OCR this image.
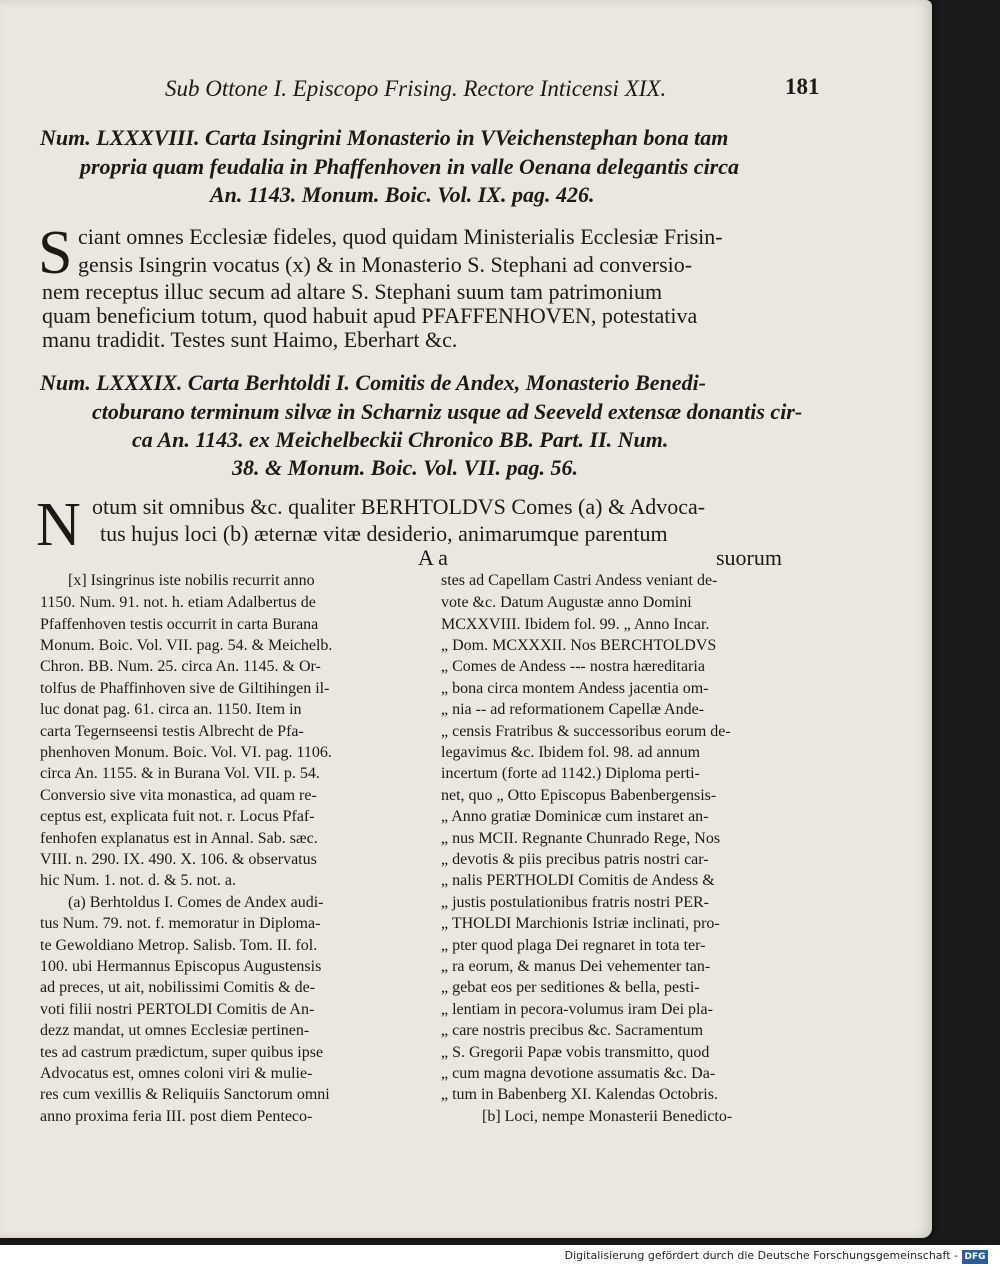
Sub Ottone I. Episcopo Frising. Rectore Inticensi XIX.	181
Num. LXXXVIII. Carta Isingrini Monasterio in VVeichenstephan bona tam
propria quam feudalia in Phaffenhoven in valle Oenana delegantis circa
An. 1143. Monum. Boic. Vol. IX. pag. 426.
S ciant omnes Ecclesiæ fideles, quod quidam Ministerialis Ecclesiæ Frisin-
gensis Isingrin vocatus (x) & in Monasterio S. Stephani ad conversio-
nem receptus illuc secum ad altare S. Stephani suum tam patrimonium
quam beneficium totum, quod habuit apud PFAFFENHOVEN, potestativa
manu tradidit. Testes sunt Haimo, Eberhart &c.
Num. LXXXIX. Carta Berhtoldi I. Comitis de Andex, Monasterio Benedi-
ctoburano terminum silvæ in Scharniz usque ad Seeveld extensæ donantis cir-
ca An. 1143. ex Meichelbeckii Chronico BB. Part. II. Num.
38. & Monum. Boic. Vol. VII. pag. 56.
N otum sit omnibus &c. qualiter BERHTOLDVS Comes (a) & Advoca-
tus hujus loci (b) æternæ vitæ desiderio, animarumque parentum
A a	suorum
[x] Isingrinus iste nobilis recurrit anno
1150. Num. 91. not. h. etiam Adalbertus de
Pfaffenhoven testis occurrit in carta Burana
Monum. Boic. Vol. VII. pag. 54. & Meichelb.
Chron. BB. Num. 25. circa An. 1145. & Or-
tolfus de Phaffinhoven sive de Giltihingen il-
luc donat pag. 61. circa an. 1150. Item in
carta Tegernseensi testis Albrecht de Pfa-
phenhoven Monum. Boic. Vol. VI. pag. 1106.
circa An. 1155. & in Burana Vol. VII. p. 54.
Conversio sive vita monastica, ad quam re-
ceptus est, explicata fuit not. r. Locus Pfaf-
fenhofen explanatus est in Annal. Sab. sæc.
VIII. n. 290. IX. 490. X. 106. & observatus
hic Num. 1. not. d. & 5. not. a.
(a) Berhtoldus I. Comes de Andex audi-
tus Num. 79. not. f. memoratur in Diploma-
te Gewoldiano Metrop. Salisb. Tom. II. fol.
100. ubi Hermannus Episcopus Augustensis
ad preces, ut ait, nobilissimi Comitis & de-
voti filii nostri PERTOLDI Comitis de An-
dezz mandat, ut omnes Ecclesiæ pertinen-
tes ad castrum prædictum, super quibus ipse
Advocatus est, omnes coloni viri & mulie-
res cum vexillis & Reliquiis Sanctorum omni
anno proxima feria III. post diem Penteco-
stes ad Capellam Castri Andess veniant de-
vote &c. Datum Augustæ anno Domini
MCXXVIII. Ibidem fol. 99. „ Anno Incar.
„ Dom. MCXXXII. Nos BERCHTOLDVS
„ Comes de Andess --- nostra hæreditaria
„ bona circa montem Andess jacentia om-
„ nia -- ad reformationem Capellæ Ande-
„ censis Fratribus & successoribus eorum de-
legavimus &c. Ibidem fol. 98. ad annum
incertum (forte ad 1142.) Diploma perti-
net, quo „ Otto Episcopus Babenbergensis-
„ Anno gratiæ Dominicæ cum instaret an-
„ nus MCII. Regnante Chunrado Rege, Nos
„ devotis & piis precibus patris nostri car-
„ nalis PERTHOLDI Comitis de Andess &
„ justis postulationibus fratris nostri PER-
„ THOLDI Marchionis Istriæ inclinati, pro-
„ pter quod plaga Dei regnaret in tota ter-
„ ra eorum, & manus Dei vehementer tan-
„ gebat eos per seditiones & bella, pesti-
„ lentiam in pecora-volumus iram Dei pla-
„ care nostris precibus &c. Sacramentum
„ S. Gregorii Papæ vobis transmitto, quod
„ cum magna devotione assumatis &c. Da-
„ tum in Babenberg XI. Kalendas Octobris.
[b] Loci, nempe Monasterii Benedicto-
Digitalisierung gefördert durch die Deutsche Forschungsgemeinschaft - DFG
